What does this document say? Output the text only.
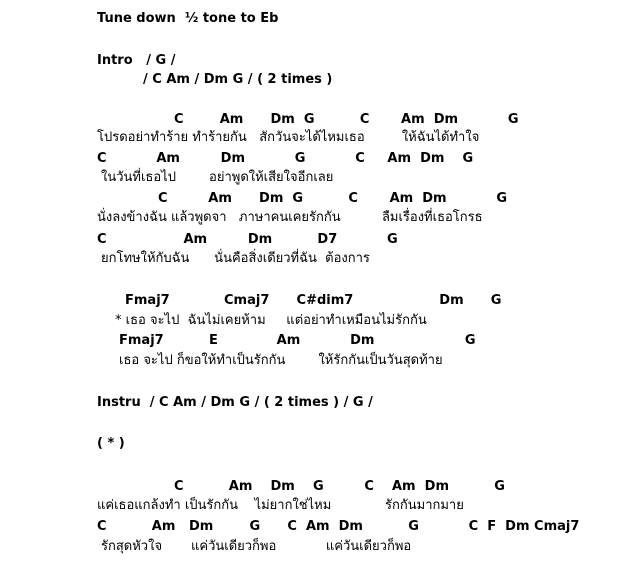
Tune down  ½ tone to Eb
Intro   / G /
/ C Am / Dm G / ( 2 times )
C        Am      Dm  G          C       Am  Dm           G
โปรดอย่าทำร้าย ทำร้ายกัน   สักวันจะได้ไหมเธอ         ให้ฉันได้ทำใจ
C           Am         Dm           G           C     Am  Dm    G
ในวันที่เธอไป        อย่าพูดให้เสียใจอีกเลย
C         Am      Dm  G          C       Am  Dm           G
นั่งลงข้างฉัน แล้วพูดจา   ภาษาคนเคยรักกัน          ลืมเรื่องที่เธอโกรธ
C                 Am         Dm          D7           G
ยกโทษให้กับฉัน      นั่นคือสิ่งเดียวที่ฉัน  ต้องการ
Fmaj7            Cmaj7      C#dim7                   Dm      G
* เธอ จะไป  ฉันไม่เคยห้าม     แต่อย่าทำเหมือนไม่รักกัน
Fmaj7          E             Am           Dm                    G
เธอ จะไป ก็ขอให้ทำเป็นรักกัน        ให้รักกันเป็นวันสุดท้าย
Instru  / C Am / Dm G / ( 2 times ) / G /
( * )
C          Am    Dm    G         C    Am  Dm          G
แค่เธอแกล้งทำ เป็นรักกัน    ไม่ยากใช่ไหม             รักกันมากมาย
C          Am   Dm        G      C  Am  Dm          G           C  F  Dm Cmaj7
รักสุดหัวใจ       แค่วันเดียวก็พอ            แค่วันเดียวก็พอ
